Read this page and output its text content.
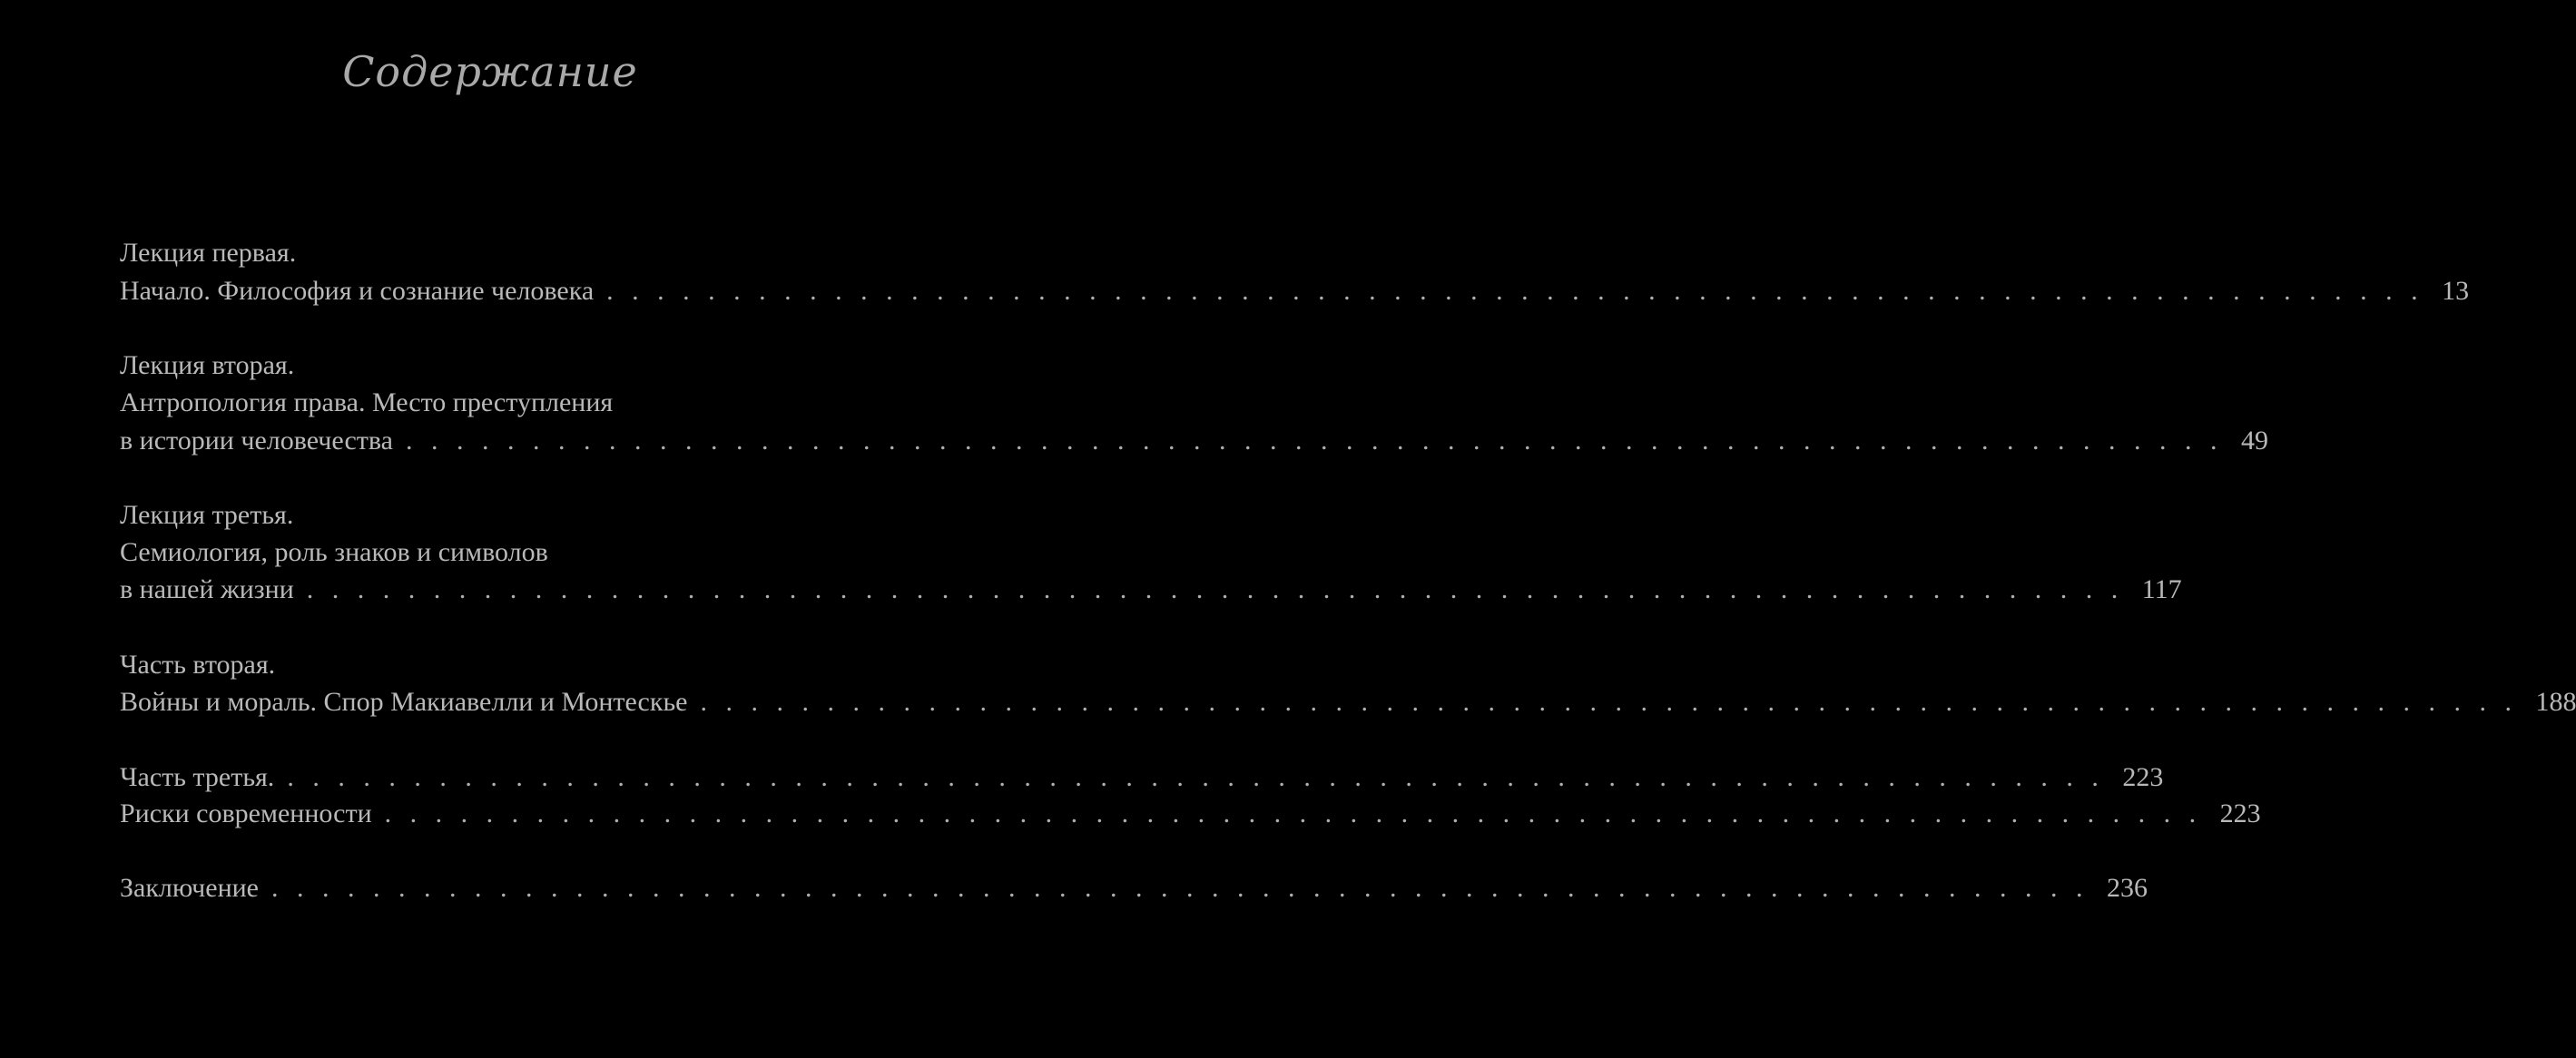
Содержание
Лекция первая.
Начало. Философия и сознание человека . . . . . . . . . . . . . . . . . . . . . . . . . . . . . . . . . . . . . . . . . . . . . . . . . . . . . . . . . . . . . . . . . . . . . . . . 13
Лекция вторая.
Антропология права. Место преступления
в истории человечества . . . . . . . . . . . . . . . . . . . . . . . . . . . . . . . . . . . . . . . . . . . . . . . . . . . . . . . . . . . . . . . . . . . . . . . . 49
Лекция третья.
Семиология, роль знаков и символов
в нашей жизни . . . . . . . . . . . . . . . . . . . . . . . . . . . . . . . . . . . . . . . . . . . . . . . . . . . . . . . . . . . . . . . . . . . . . . . . 117
Часть вторая.
Войны и мораль. Спор Макиавелли и Монтескье . . . . . . . . . . . . . . . . . . . . . . . . . . . . . . . . . . . . . . . . . . . . . . . . . . . . . . . . . . . . . . . . . . . . . . . . 188
Часть третья. . . . . . . . . . . . . . . . . . . . . . . . . . . . . . . . . . . . . . . . . . . . . . . . . . . . . . . . . . . . . . . . . . . . . . . . . 223
Риски современности . . . . . . . . . . . . . . . . . . . . . . . . . . . . . . . . . . . . . . . . . . . . . . . . . . . . . . . . . . . . . . . . . . . . . . . . 223
Заключение . . . . . . . . . . . . . . . . . . . . . . . . . . . . . . . . . . . . . . . . . . . . . . . . . . . . . . . . . . . . . . . . . . . . . . . . 236
